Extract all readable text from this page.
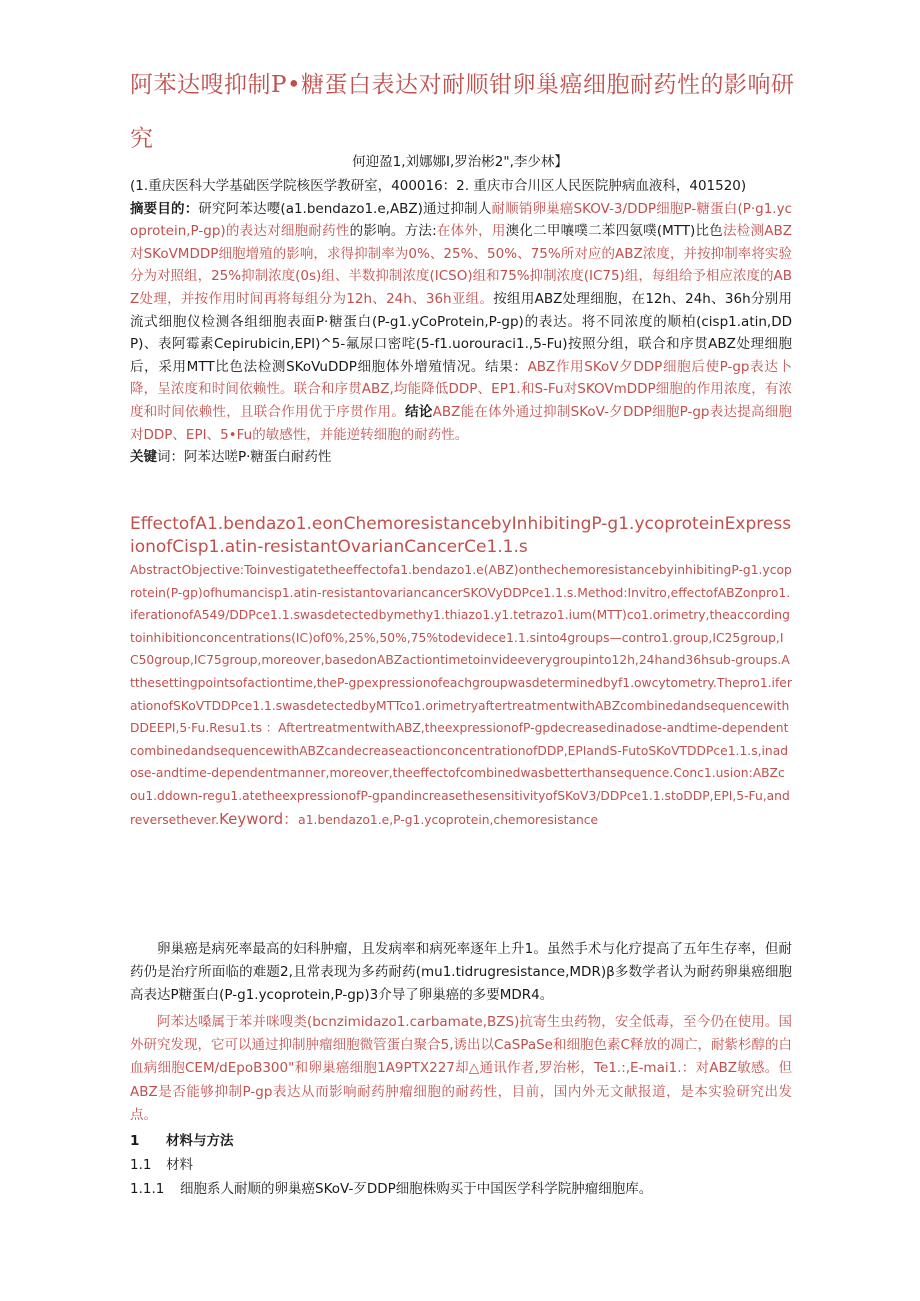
阿苯达嗖抑制P•糖蛋白表达对耐顺钳卵巢癌细胞耐药性的影响研究
何迎盈1,刘娜娜I,罗治彬2",李少林】
(1.重庆医科大学基础医学院核医学教研室，400016：2. 重庆市合川区人民医院肿病血液科，401520)
摘要目的：研究阿苯达嘤(a1.bendazo1.e,ABZ)通过抑制人耐顺销卵巢癌SKOV-3/DDP细胞P-糖蛋白(P·g1.ycoprotein,P-gp)的表达对细胞耐药性的影响。方法:在体外，用澳化二甲嚷噗二苯四氨噗(MTT)比色法检测ABZ对SKoVMDDP细胞增殖的影响，求得抑制率为0%、25%、50%、75%所对应的ABZ浓度，并按抑制率将实验分为对照组，25%抑制浓度(0s)组、半数抑制浓度(ICSO)组和75%抑制浓度(IC75)组，每组给予相应浓度的ABZ处理，并按作用时间再将每组分为12h、24h、36h亚组。按组用ABZ处理细胞，在12h、24h、36h分别用流式细胞仪检测各组细胞表面P·糖蛋白(P-g1.yCoProtein,P-gp)的表达。将不同浓度的顺柏(cisp1.atin,DDP)、表阿霉素Cepirubicin,EPI)^5-氟尿口密咤(5-f1.uorouraci1.,5-Fu)按照分组，联合和序贯ABZ处理细胞后，采用MTT比色法检测SKoVuDDP细胞体外增殖情况。结果：ABZ作用SKoV夕DDP细胞后使P-gp表达卜降，呈浓度和时间依赖性。联合和序贯ABZ,均能降低DDP、EP1.和S-Fu对SKOVmDDP细胞的作用浓度，有浓度和时间依赖性，且联合作用优于序贯作用。结论ABZ能在体外通过抑制SKoV-夕DDP细胞P-gp表达提高细胞对DDP、EPI、5•Fu的敏感性，并能逆转细胞的耐药性。
关键词：阿苯达嗟P·糖蛋白耐药性
EffectofA1.bendazo1.eonChemoresistancebyInhibitingP-g1.ycoproteinExpressionofCisp1.atin-resistantOvarianCancerCe1.1.s
AbstractObjective:Toinvestigatetheeffectofa1.bendazo1.e(ABZ)onthechemoresistancebyinhibitingP-g1.ycoprotein(P-gp)ofhumancisp1.atin-resistantovariancancerSKOVyDDPce1.1.s.Method:Invitro,effectofABZonpro1.iferationofA549∕DDPce1.1.swasdetectedbymethy1.thiazo1.y1.tetrazo1.ium(MTT)co1.orimetry,theaccordingtoinhibitionconcentrations(IC)of0%,25%,50%,75%todevidece1.1.sinto4groups—contro1.group,IC25group,IC50group,IC75group,moreover,basedonABZactiontimetoinvideeverygroupinto12h,24hand36hsub-groups.Atthesettingpointsofactiontime,theP-gpexpressionofeachgroupwasdeterminedbyf1.owcytometry.Thepro1.iferationofSKoVTDDPce1.1.swasdetectedbyMTTco1.orimetryaftertreatmentwithABZcombinedandsequencewithDDEEPI,5·Fu.Resu1.ts ：AftertreatmentwithABZ,theexpressionofP-gpdecreasedinadose-andtime-dependentcombinedandsequencewithABZcandecreaseactionconcentrationofDDP,EPIandS-FutoSKoVTDDPce1.1.s,inadose-andtime-dependentmanner,moreover,theeffectofcombinedwasbetterthansequence.Conc1.usion:ABZcou1.ddown-regu1.atetheexpressionofP-gpandincreasethesensitivityofSKoV3∕DDPce1.1.stoDDP,EPI,5-Fu,andreversethever.Keyword：a1.bendazo1.e,P-g1.ycoprotein,chemoresistance
卵巢癌是病死率最高的妇科肿瘤，且发病率和病死率逐年上升1。虽然手术与化疗提高了五年生存率，但耐药仍是治疗所面临的难题2,且常表现为多药耐药(mu1.tidrugresistance,MDR)β多数学者认为耐药卵巢癌细胞高表达P糖蛋白(P-g1.ycoprotein,P-gp)3介导了卵巢癌的多要MDR4。
阿苯达嗓属于苯并咪嗖类(bcnzimidazo1.carbamate,BZS)抗寄生虫药物，安全低毒，至今仍在使用。国外研究发现，它可以通过抑制肿瘤细胞微管蛋白聚合5,诱出以CaSPaSe和细胞色素C释放的凋亡，耐紫杉醇的白血病细胞CEM∕dEpoB300"和卵巢癌细胞1A9PTX227却△通讯作者,罗治彬，Te1.:,E-mai1.：对ABZ敏感。但ABZ是否能够抑制P-gp表达从而影响耐药肿瘤细胞的耐药性，目前，国内外无文献报道，是本实验研究出发点。
1 材料与方法
1.1 材料
1.1.1 细胞系人耐顺的卵巢癌SKoV-歹DDP细胞株购买于中国医学科学院肿瘤细胞库。
